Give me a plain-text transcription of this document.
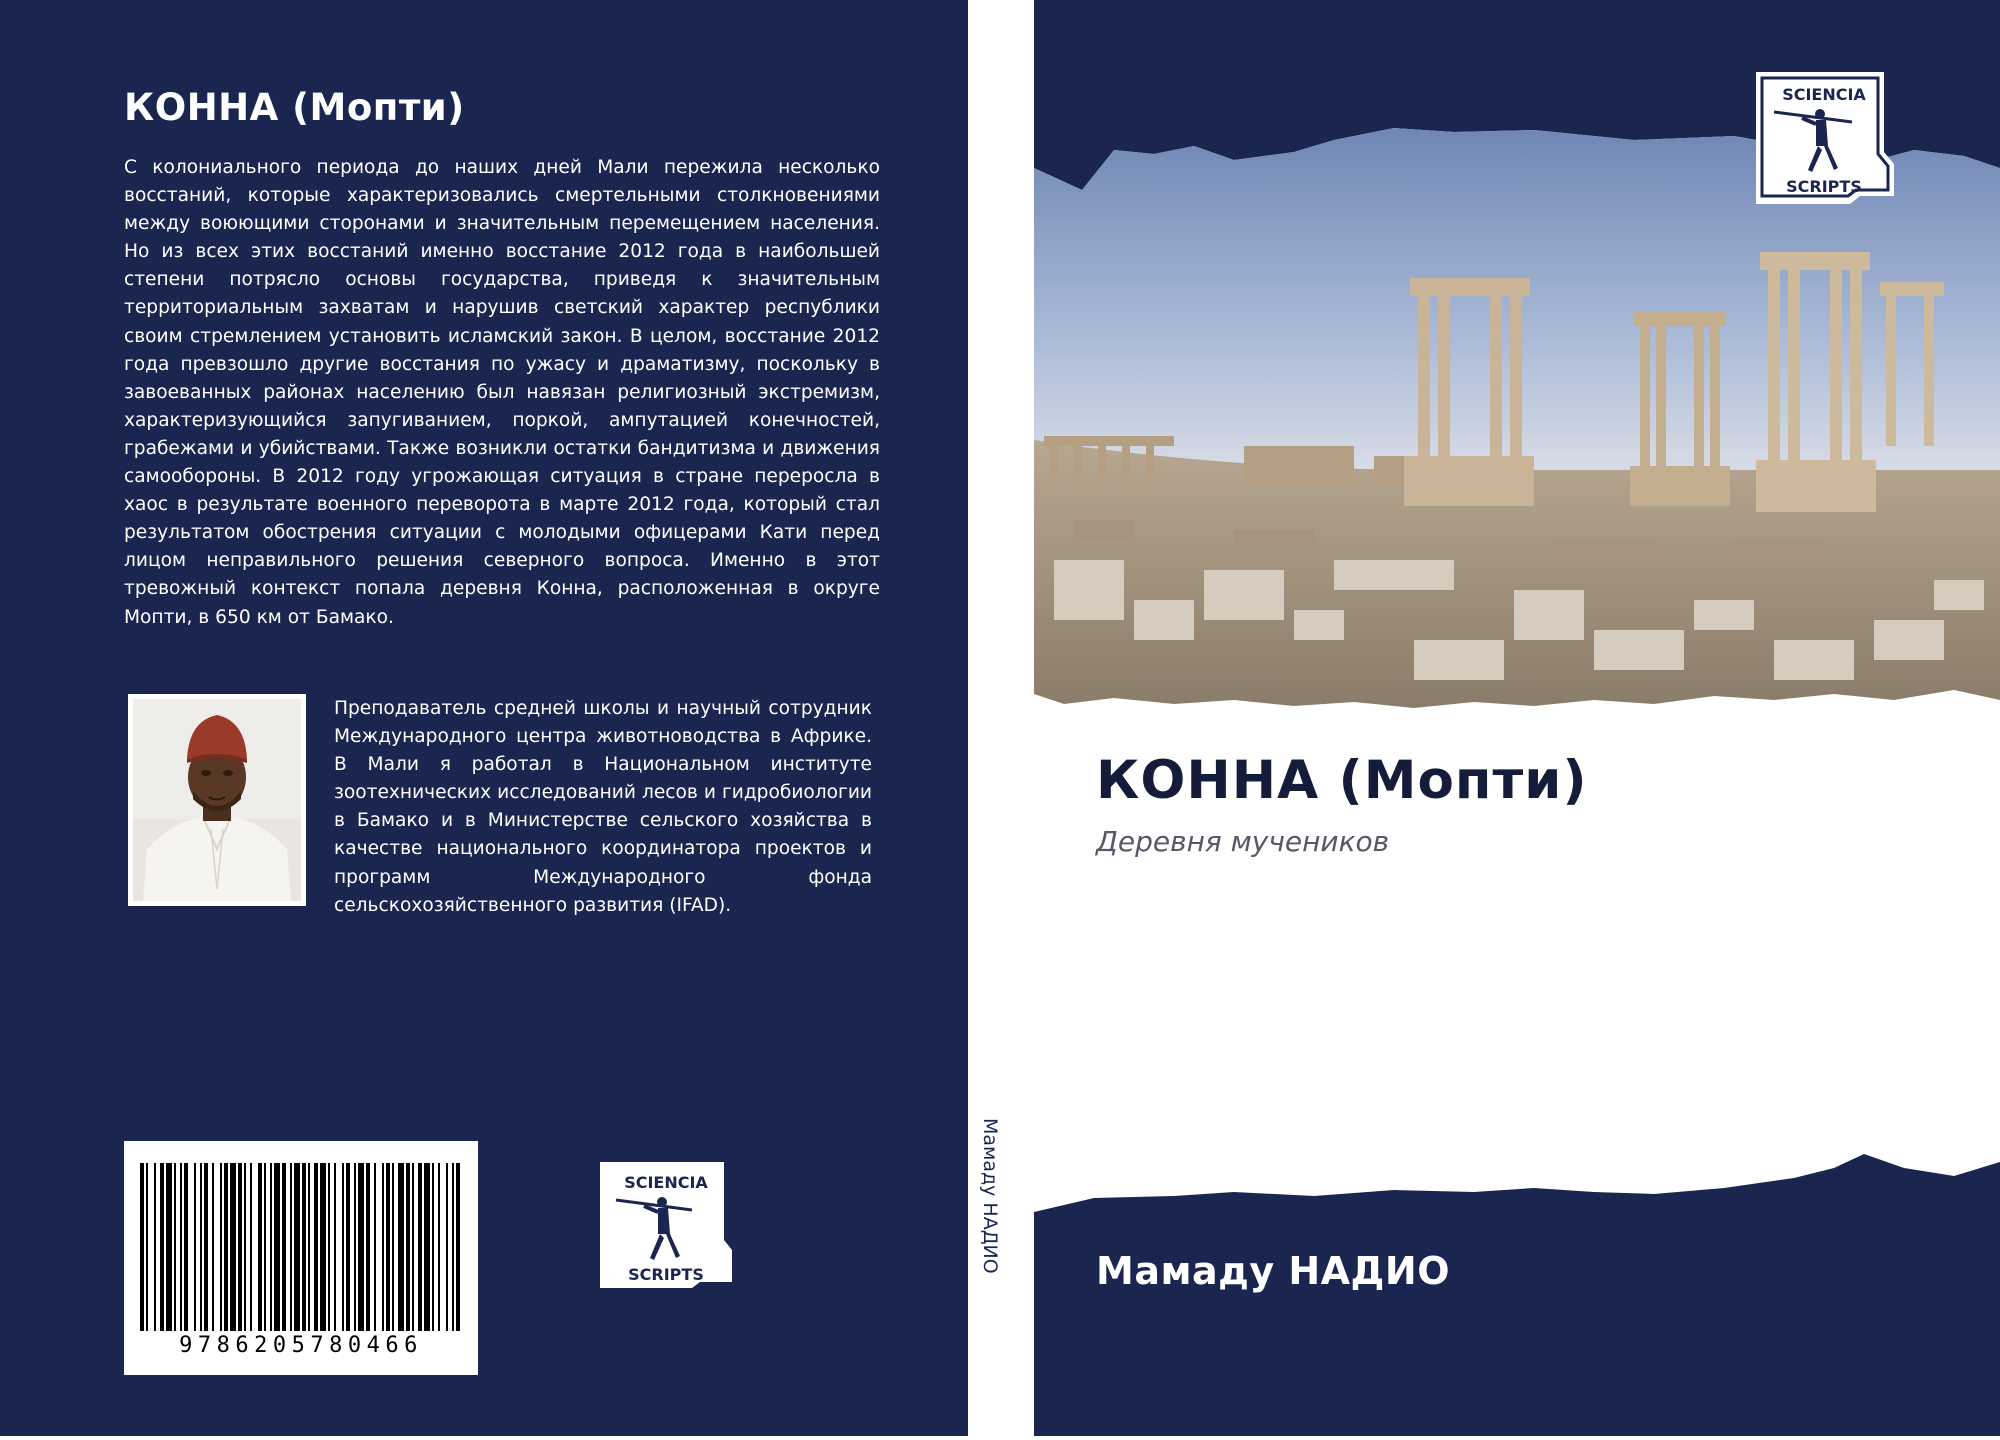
КОННА (Мопти)
С колониального периода до наших дней Мали пережила несколько восстаний, которые характеризовались смертельными столкновениями между воюющими сторонами и значительным перемещением населения. Но из всех этих восстаний именно восстание 2012 года в наибольшей степени потрясло основы государства, приведя к значительным территориальным захватам и нарушив светский характер республики своим стремлением установить исламский закон. В целом, восстание 2012 года превзошло другие восстания по ужасу и драматизму, поскольку в завоеванных районах населению был навязан религиозный экстремизм, характеризующийся запугиванием, поркой, ампутацией конечностей, грабежами и убийствами. Также возникли остатки бандитизма и движения самообороны. В 2012 году угрожающая ситуация в стране переросла в хаос в результате военного переворота в марте 2012 года, который стал результатом обострения ситуации с молодыми офицерами Кати перед лицом неправильного решения северного вопроса. Именно в этот тревожный контекст попала деревня Конна, расположенная в округе Мопти, в 650 км от Бамако.
Преподаватель средней школы и научный сотрудник Международного центра животноводства в Африке. В Мали я работал в Национальном институте зоотехнических исследований лесов и гидробиологии в Бамако и в Министерстве сельского хозяйства в качестве национального координатора проектов и программ Международного фонда сельскохозяйственного развития (IFAD).
9786205780466
SCIENCIA
SCRIPTS
Мамаду НАДИО
SCIENCIA
SCRIPTS
КОННА (Мопти)
Деревня мучеников
Мамаду НАДИО
